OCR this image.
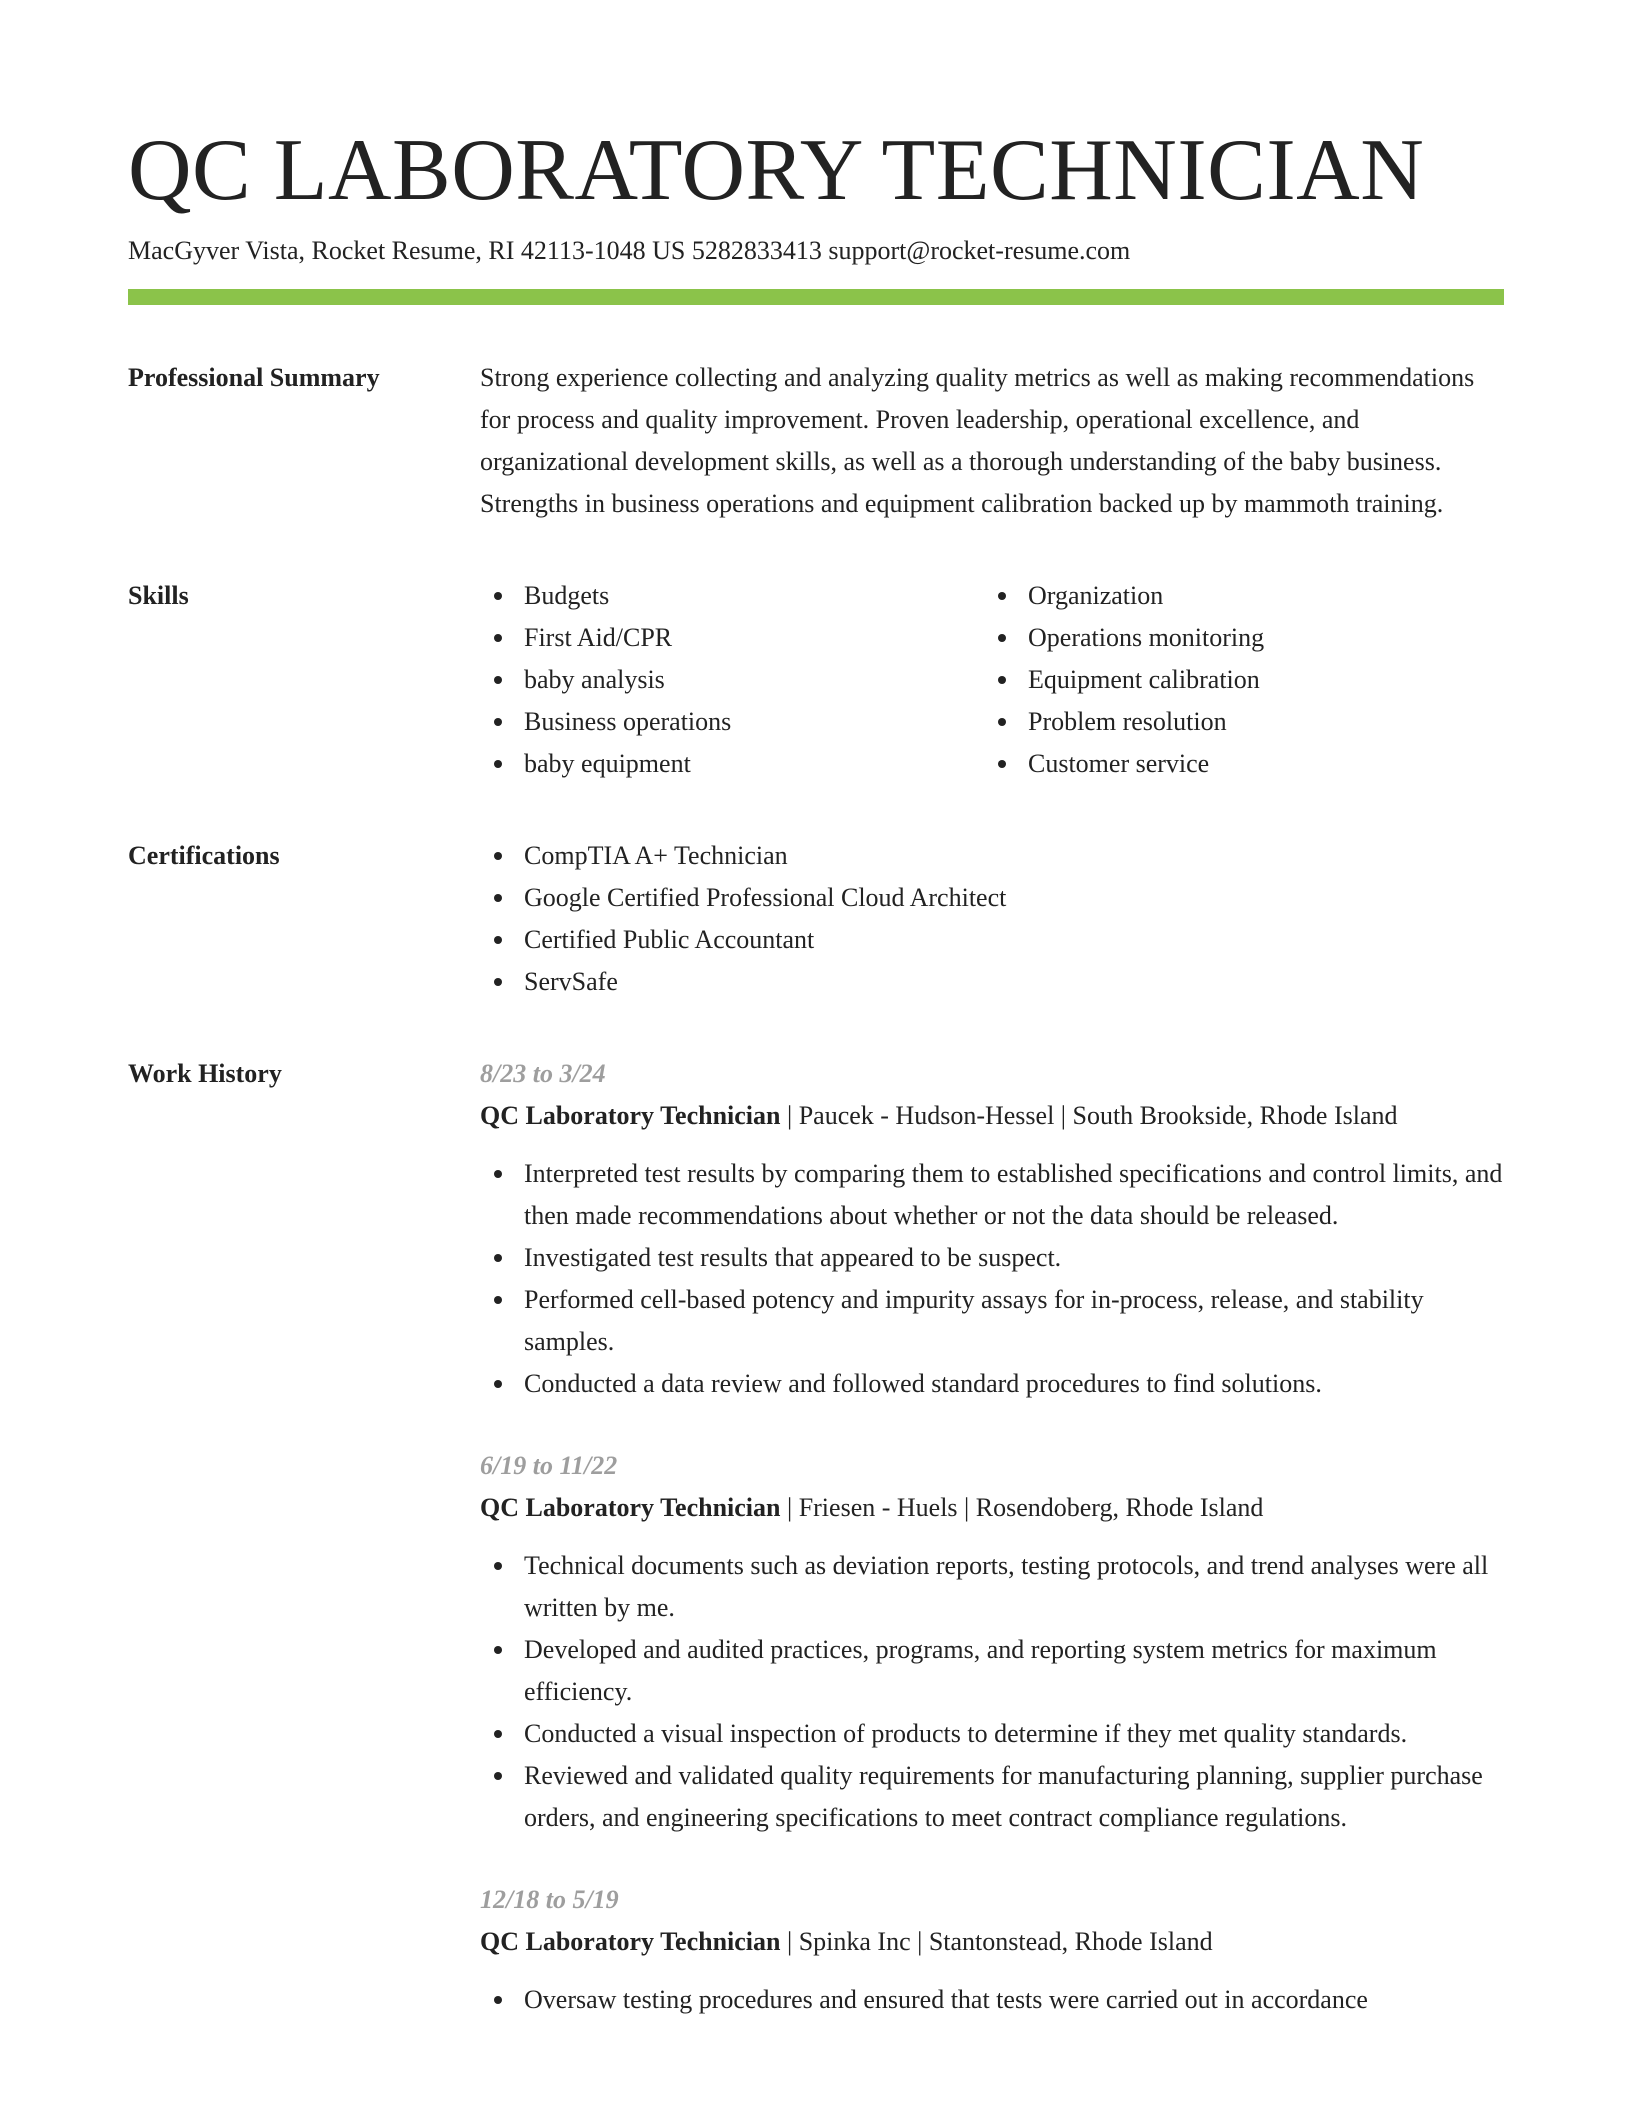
QC LABORATORY TECHNICIAN
MacGyver Vista, Rocket Resume, RI 42113-1048 US 5282833413 support@rocket-resume.com
Professional Summary	Strong experience collecting and analyzing quality metrics as well as making recommendations for process and quality improvement. Proven leadership, operational excellence, and organizational development skills, as well as a thorough understanding of the baby business. Strengths in business operations and equipment calibration backed up by mammoth training.

Skills	Budgets
First Aid/CPR
baby analysis
Business operations
baby equipment
Organization
Operations monitoring
Equipment calibration
Problem resolution
Customer service
Certifications	CompTIA A+ Technician
Google Certified Professional Cloud Architect
Certified Public Accountant
ServSafe
Work History	8/23 to 3/24
QC Laboratory Technician | Paucek - Hudson-Hessel | South Brookside, Rhode Island
Interpreted test results by comparing them to established specifications and control limits, and then made recommendations about whether or not the data should be released.
Investigated test results that appeared to be suspect.
Performed cell-based potency and impurity assays for in-process, release, and stability samples.
Conducted a data review and followed standard procedures to find solutions.
6/19 to 11/22
QC Laboratory Technician | Friesen - Huels | Rosendoberg, Rhode Island
Technical documents such as deviation reports, testing protocols, and trend analyses were all written by me.
Developed and audited practices, programs, and reporting system metrics for maximum efficiency.
Conducted a visual inspection of products to determine if they met quality standards.
Reviewed and validated quality requirements for manufacturing planning, supplier purchase orders, and engineering specifications to meet contract compliance regulations.
12/18 to 5/19
QC Laboratory Technician | Spinka Inc | Stantonstead, Rhode Island
Oversaw testing procedures and ensured that tests were carried out in accordance
